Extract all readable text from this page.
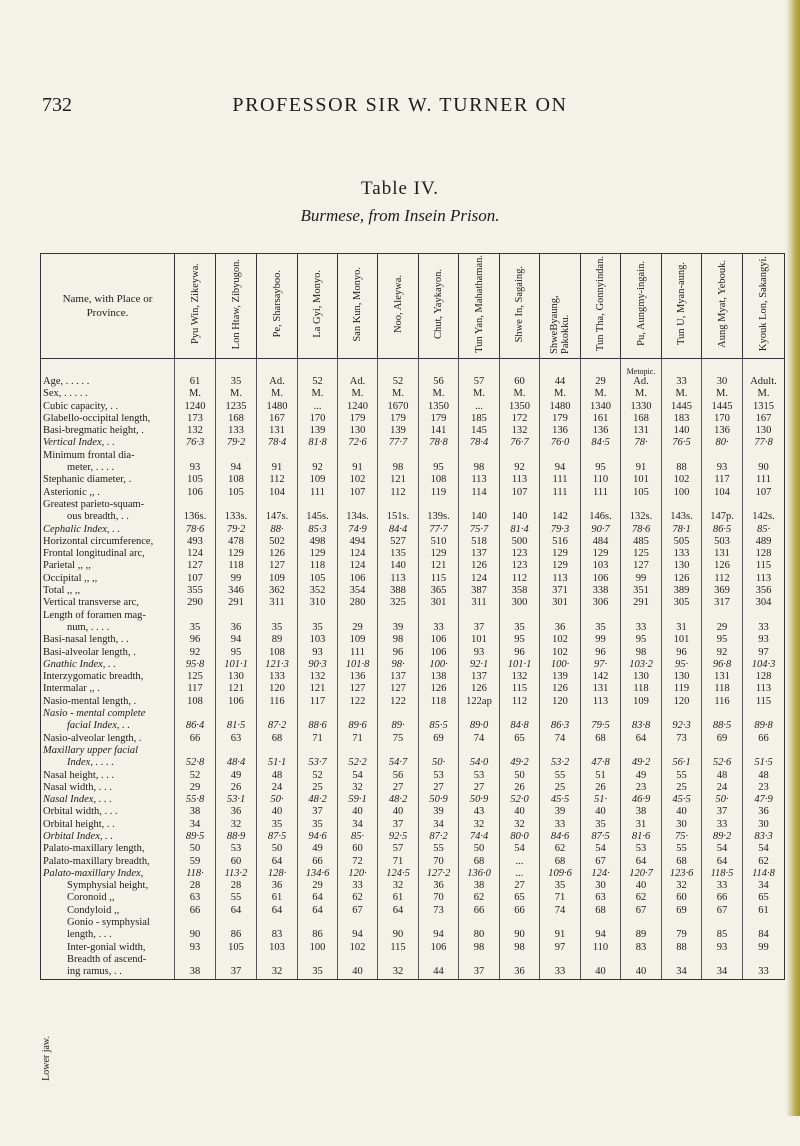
732	PROFESSOR SIR W. TURNER ON
Table IV.
Burmese, from Insein Prison.
Name, with Place or Province.	Pyu Win, Zikeywa.	Lon Htaw, Zibyugon.	Pe, Sharsayboo.	La Gyi, Monyo.	San Kun, Monyo.	Noo, Aleywa.	Chut, Yaykayon.	Tun Yan, Mahathaman.	Shwe In, Sagaing.	ShweByaung, Pakokku.	Tun Tha, Gonnyindan.	Pu, Aungmy-ingain.	Tun U, Myan-aung.	Aung Myat, Yebouk.	Kyouk Lon, Sakangyi.

												Metopic.			
Age, . . . . .	61	35	Ad.	52	Ad.	52	56	57	60	44	29	Ad.	33	30	Adult.
Sex, . . . . .	M.	M.	M.	M.	M.	M.	M.	M.	M.	M.	M.	M.	M.	M.	M.
Cubic capacity, . .	1240	1235	1480	...	1240	1670	1350	...	1350	1480	1340	1330	1445	1445	1315
Glabello-occipital length,	173	168	167	170	179	179	179	185	172	179	161	168	183	170	167
Basi-bregmatic height, .	132	133	131	139	130	139	141	145	132	136	136	131	140	136	130
Vertical Index, . .	76·3	79·2	78·4	81·8	72·6	77·7	78·8	78·4	76·7	76·0	84·5	78·	76·5	80·	77·8
Minimum frontal dia-															
meter, . . . .	93	94	91	92	91	98	95	98	92	94	95	91	88	93	90
Stephanic diameter, .	105	108	112	109	102	121	108	113	113	111	110	101	102	117	111
Asterionic ,, .	106	105	104	111	107	112	119	114	107	111	111	105	100	104	107
Greatest parieto-squam-															
ous breadth, . .	136s.	133s.	147s.	145s.	134s.	151s.	139s.	140	140	142	146s.	132s.	143s.	147p.	142s.
Cephalic Index, . .	78·6	79·2	88·	85·3	74·9	84·4	77·7	75·7	81·4	79·3	90·7	78·6	78·1	86·5	85·
Horizontal circumference,	493	478	502	498	494	527	510	518	500	516	484	485	505	503	489
Frontal longitudinal arc,	124	129	126	129	124	135	129	137	123	129	129	125	133	131	128
Parietal ,, ,,	127	118	127	118	124	140	121	126	123	129	103	127	130	126	115
Occipital ,, ,,	107	99	109	105	106	113	115	124	112	113	106	99	126	112	113
Total ,, ,,	355	346	362	352	354	388	365	387	358	371	338	351	389	369	356
Vertical transverse arc,	290	291	311	310	280	325	301	311	300	301	306	291	305	317	304
Length of foramen mag-															
num, . . . .	35	36	35	35	29	39	33	37	35	36	35	33	31	29	33
Basi-nasal length, . .	96	94	89	103	109	98	106	101	95	102	99	95	101	95	93
Basi-alveolar length, .	92	95	108	93	111	96	106	93	96	102	96	98	96	92	97
Gnathic Index, . .	95·8	101·1	121·3	90·3	101·8	98·	100·	92·1	101·1	100·	97·	103·2	95·	96·8	104·3
Interzygomatic breadth,	125	130	133	132	136	137	138	137	132	139	142	130	130	131	128
Intermalar ,, .	117	121	120	121	127	127	126	126	115	126	131	118	119	118	113
Nasio-mental length, .	108	106	116	117	122	122	118	122ap	112	120	113	109	120	116	115
Nasio - mental complete															
facial Index, . .	86·4	81·5	87·2	88·6	89·6	89·	85·5	89·0	84·8	86·3	79·5	83·8	92·3	88·5	89·8
Nasio-alveolar length, .	66	63	68	71	71	75	69	74	65	74	68	64	73	69	66
Maxillary upper facial															
Index, . . . .	52·8	48·4	51·1	53·7	52·2	54·7	50·	54·0	49·2	53·2	47·8	49·2	56·1	52·6	51·5
Nasal height, . . .	52	49	48	52	54	56	53	53	50	55	51	49	55	48	48
Nasal width, . . .	29	26	24	25	32	27	27	27	26	25	26	23	25	24	23
Nasal Index, . . .	55·8	53·1	50·	48·2	59·1	48·2	50·9	50·9	52·0	45·5	51·	46·9	45·5	50·	47·9
Orbital width, . . .	38	36	40	37	40	40	39	43	40	39	40	38	40	37	36
Orbital height, . .	34	32	35	35	34	37	34	32	32	33	35	31	30	33	30
Orbital Index, . .	89·5	88·9	87·5	94·6	85·	92·5	87·2	74·4	80·0	84·6	87·5	81·6	75·	89·2	83·3
Palato-maxillary length,	50	53	50	49	60	57	55	50	54	62	54	53	55	54	54
Palato-maxillary breadth,	59	60	64	66	72	71	70	68	...	68	67	64	68	64	62
Palato-maxillary Index,	118·	113·2	128·	134·6	120·	124·5	127·2	136·0	...	109·6	124·	120·7	123·6	118·5	114·8
Symphysial height,	28	28	36	29	33	32	36	38	27	35	30	40	32	33	34
Coronoid ,,	63	55	61	64	62	61	70	62	65	71	63	62	60	66	65
Condyloid ,,	66	64	64	64	67	64	73	66	66	74	68	67	69	67	61
Gonio - symphysial															
length, . . .	90	86	83	86	94	90	94	80	90	91	94	89	79	85	84
Inter-gonial width,	93	105	103	100	102	115	106	98	98	97	110	83	88	93	99
Breadth of ascend-															
ing ramus, . .	38	37	32	35	40	32	44	37	36	33	40	40	34	34	33
Lower jaw.
